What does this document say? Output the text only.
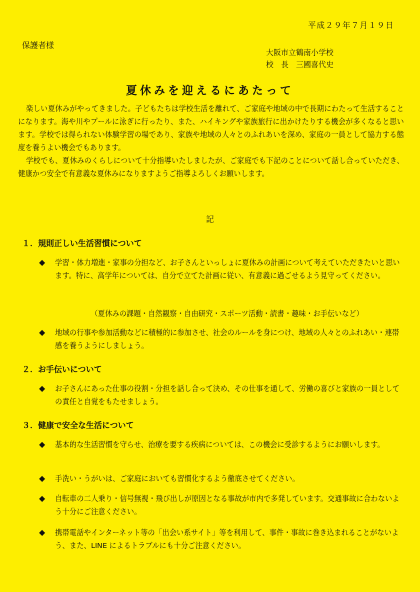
平成２９年７月１９日
保護者様
大阪市立鶴南小学校
校　長　三國喜代史
夏休みを迎えるにあたって

楽しい夏休みがやってきました。子どもたちは学校生活を離れて、ご家庭や地域の中で長期にわたって生活することになります。海や川やプールに泳ぎに行ったり、また、ハイキングや家族旅行に出かけたりする機会が多くなると思います。学校では得られない体験学習の場であり、家族や地域の人々とのふれあいを深め、家庭の一員として協力する態度を養うよい機会でもあります。

学校でも、夏休みのくらしについて十分指導いたしましたが、ご家庭でも下記のことについて話し合っていただき、健康かつ安全で有意義な夏休みになりますようご指導よろしくお願いします。

記
１．規則正しい生活習慣について
◆ 学習・体力増進・家事の分担など、お子さんといっしょに夏休みの計画について考えていただきたいと思います。特に、高学年については、自分で立てた計画に従い、有意義に過ごせるよう見守ってください。
（夏休みの課題・自然観察・自由研究・スポーツ活動・読書・趣味・お手伝いなど）
◆ 地域の行事や参加活動などに積極的に参加させ、社会のルールを身につけ、地域の人々とのふれあい・連帯感を養うようにしましょう。
２．お手伝いについて
◆ お子さんにあった仕事の役割・分担を話し合って決め、その仕事を通して、労働の喜びと家族の一員としての責任と自覚をもたせましょう。
３．健康で安全な生活について
◆ 基本的な生活習慣を守らせ、治療を要する疾病については、この機会に受診するようにお願いします。
◆ 手洗い・うがいは、ご家庭においても習慣化するよう徹底させてください。
◆ 自転車の二人乗り・信号無視・飛び出しが原因となる事故が市内で多発しています。交通事故に合わないよう十分にご注意ください。
◆ 携帯電話やインターネット等の「出会い系サイト」等を利用して、事件・事故に巻き込まれることがないよう、また、LINE によるトラブルにも十分ご注意ください。
